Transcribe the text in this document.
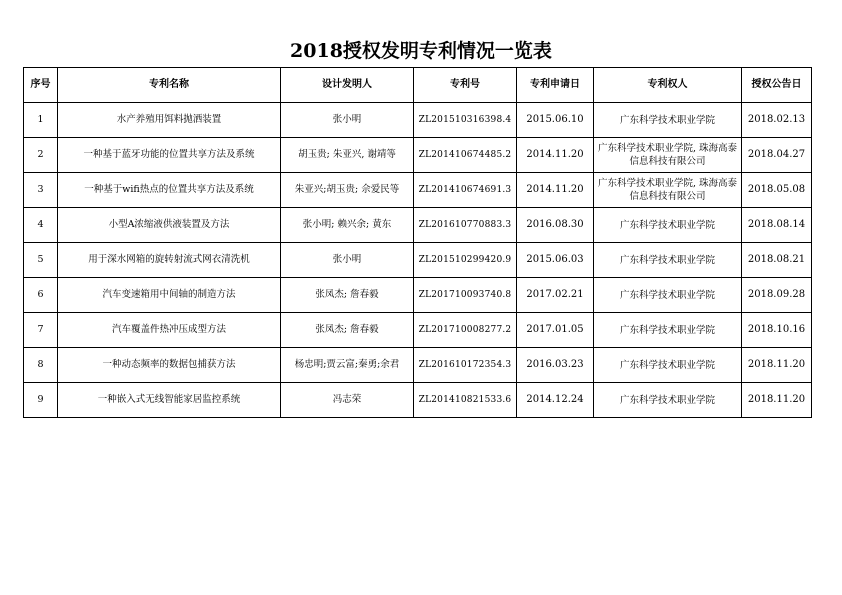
2018授权发明专利情况一览表
序号	专利名称	设计发明人	专利号	专利申请日	专利权人	授权公告日
1	水产养殖用饵料抛洒装置	张小明	ZL201510316398.4	2015.06.10	广东科学技术职业学院	2018.02.13
2	一种基于蓝牙功能的位置共享方法及系统	胡玉贵; 朱亚兴, 谢靖等	ZL201410674485.2	2014.11.20	广东科学技术职业学院, 珠海高泰信息科技有限公司	2018.04.27
3	一种基于wifi热点的位置共享方法及系统	朱亚兴;胡玉贵; 佘爱民等	ZL201410674691.3	2014.11.20	广东科学技术职业学院, 珠海高泰信息科技有限公司	2018.05.08
4	小型A浓缩液供液装置及方法	张小明; 赖兴余; 黄东	ZL201610770883.3	2016.08.30	广东科学技术职业学院	2018.08.14
5	用于深水网箱的旋转射流式网衣清洗机	张小明	ZL201510299420.9	2015.06.03	广东科学技术职业学院	2018.08.21
6	汽车变速箱用中间轴的制造方法	张凤杰; 詹春毅	ZL201710093740.8	2017.02.21	广东科学技术职业学院	2018.09.28
7	汽车覆盖件热冲压成型方法	张凤杰; 詹春毅	ZL201710008277.2	2017.01.05	广东科学技术职业学院	2018.10.16
8	一种动态频率的数据包捕获方法	杨忠明;贾云富;秦勇;余君	ZL201610172354.3	2016.03.23	广东科学技术职业学院	2018.11.20
9	一种嵌入式无线智能家居监控系统	冯志荣	ZL201410821533.6	2014.12.24	广东科学技术职业学院	2018.11.20
